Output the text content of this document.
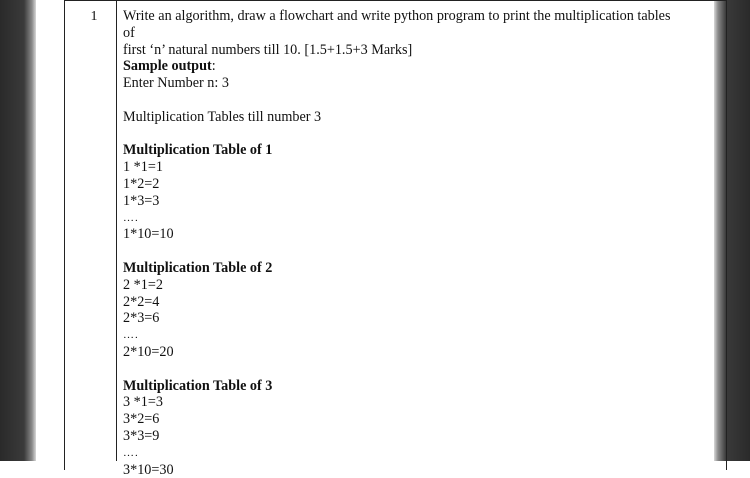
1	Write an algorithm, draw a flowchart and write python program to print the multiplication tables of

first ‘n’ natural numbers till 10. [1.5+1.5+3 Marks]

Sample output:

Enter Number n: 3

Multiplication Tables till number 3

Multiplication Table of 1

1 *1=1

1*2=2

1*3=3

….

1*10=10

Multiplication Table of 2

2 *1=2

2*2=4

2*3=6

….

2*10=20

Multiplication Table of 3

3 *1=3

3*2=6

3*3=9

….

3*10=30
